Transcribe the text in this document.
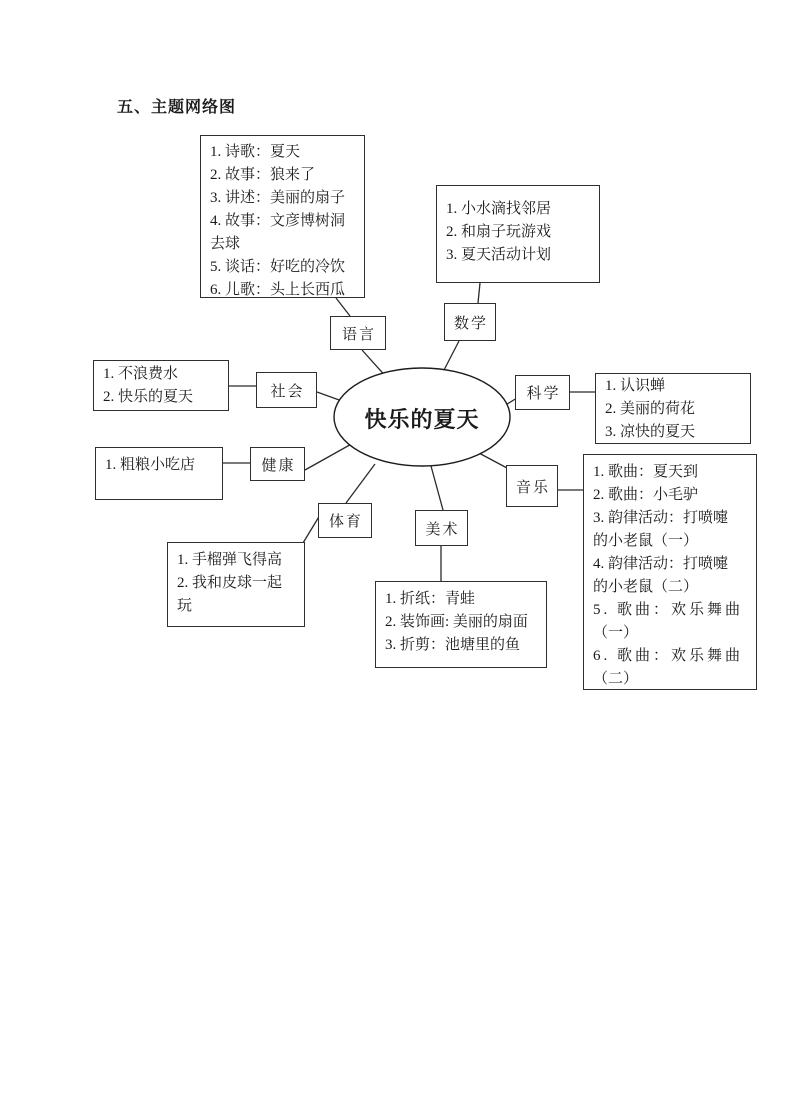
五、主题网络图
快乐的夏天
1. 诗歌：夏天
2. 故事：狼来了
3. 讲述：美丽的扇子
4. 故事：文彦博树洞
去球
5. 谈话：好吃的冷饮
6. 儿歌：头上长西瓜
1. 小水滴找邻居
2. 和扇子玩游戏
3. 夏天活动计划
1. 不浪费水
2. 快乐的夏天
1. 认识蝉
2. 美丽的荷花
3. 凉快的夏天
1. 粗粮小吃店	1. 歌曲：夏天到
2. 歌曲：小毛驴
3. 韵律活动：打喷嚏
的小老鼠（一）
4. 韵律活动：打喷嚏
的小老鼠（二）
5. 歌曲：欢乐舞曲
（一）
6. 歌曲：欢乐舞曲
（二）
1. 手榴弹飞得高
2. 我和皮球一起
玩	1. 折纸：青蛙
2. 装饰画: 美丽的扇面
3. 折剪：池塘里的鱼
语言
数学
社会	科学
健康
音乐
体育	美术
